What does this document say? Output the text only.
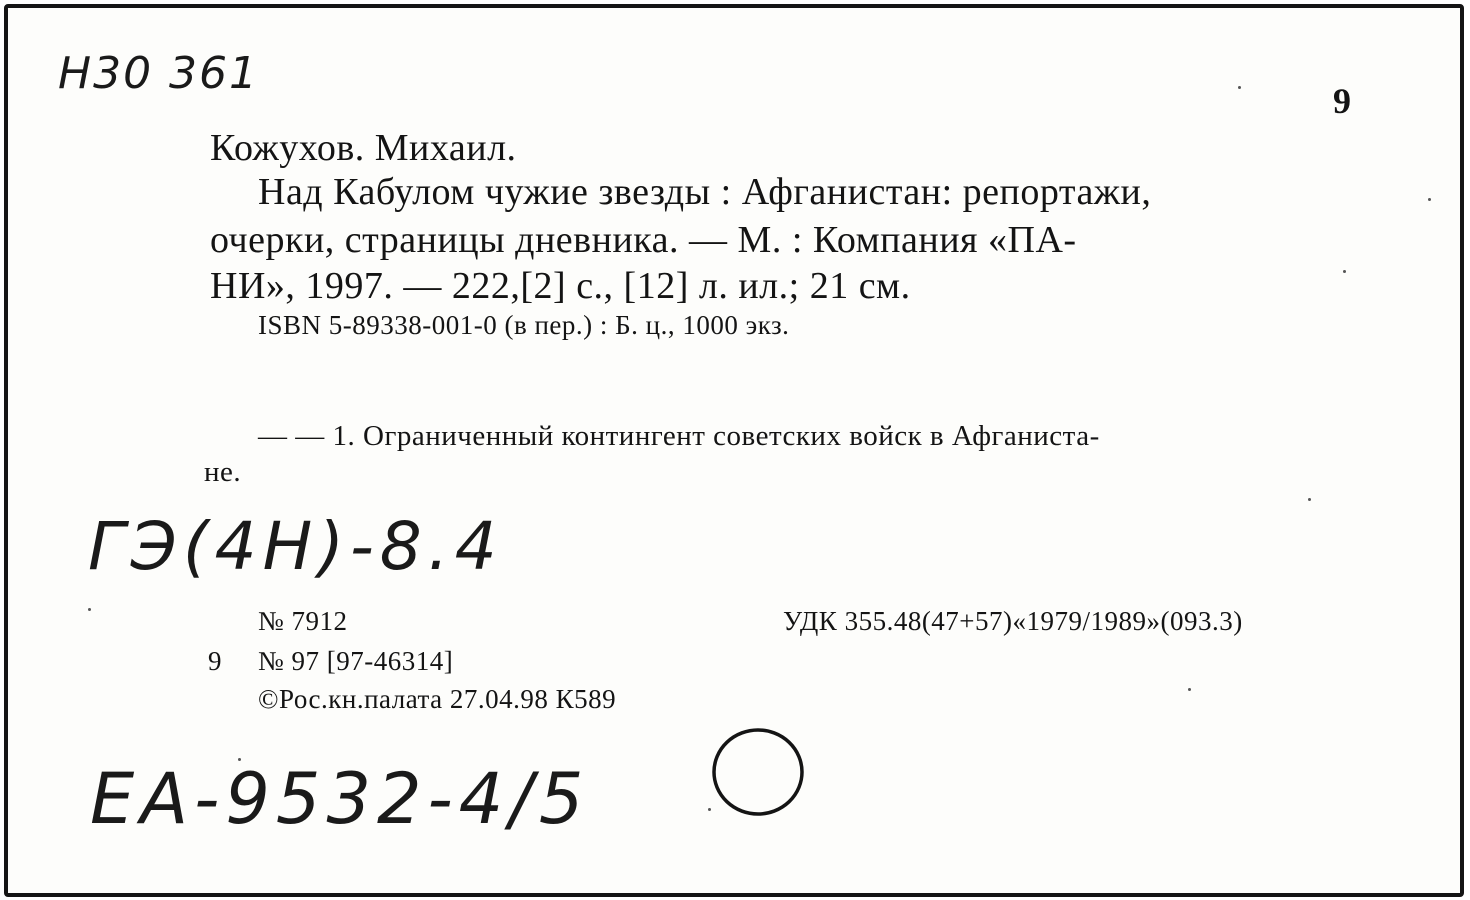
Н30 361
9
Кожухов. Михаил.
Над Кабулом чужие звезды : Афганистан: репортажи,
очерки, страницы дневника. — М. : Компания «ПА-
НИ», 1997. — 222,[2] с., [12] л. ил.; 21 см.
ISBN 5-89338-001-0 (в пер.) : Б. ц., 1000 экз.
— — 1. Ограниченный контингент советских войск в Афганиста-
не.
ГЭ(4Н)-8.4
№ 7912	УДК 355.48(47+57)«1979/1989»(093.3)
9 № 97 [97-46314]
©Рос.кн.палата 27.04.98 К589
ЕА-9532-4/5
